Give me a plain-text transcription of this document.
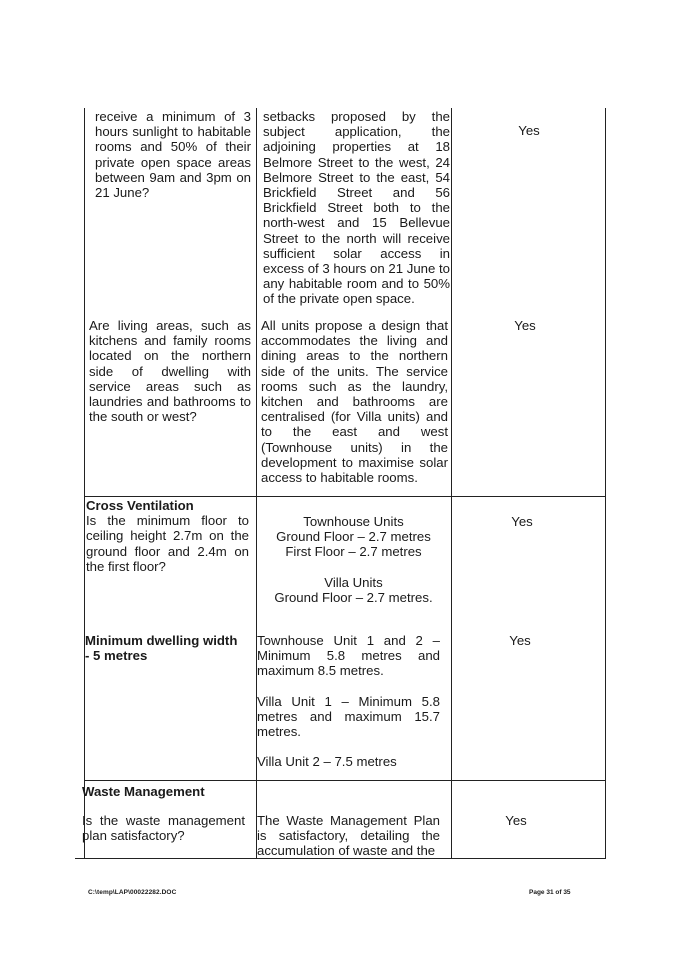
receive a minimum of 3 hours sunlight to habitable rooms and 50% of their private open space areas between 9am and 3pm on 21 June?
setbacks proposed by the subject application, the adjoining properties at 18 Belmore Street to the west, 24 Belmore Street to the east, 54 Brickfield Street and 56 Brickfield Street both to the north-west and 15 Bellevue Street to the north will receive sufficient solar access in excess of 3 hours on 21 June to any habitable room and to 50% of the private open space.
Yes
Are living areas, such as kitchens and family rooms located on the northern side of dwelling with service areas such as laundries and bathrooms to the south or west?
All units propose a design that accommodates the living and dining areas to the northern side of the units. The service rooms such as the laundry, kitchen and bathrooms are centralised (for Villa units) and to the east and west (Townhouse units) in the development to maximise solar access to habitable rooms.
Yes
Cross Ventilation
Is the minimum floor to ceiling height 2.7m on the ground floor and 2.4m on the first floor?
Townhouse Units
Ground Floor – 2.7 metres
First Floor – 2.7 metres
Villa Units
Ground Floor – 2.7 metres.
Yes
Minimum dwelling width - 5 metres

Townhouse Unit 1 and 2 – Minimum 5.8 metres and maximum 8.5 metres.

Villa Unit 1 – Minimum 5.8 metres and maximum 15.7 metres.

Villa Unit 2 – 7.5 metres

Yes
Waste Management
Is the waste management plan satisfactory?
The Waste Management Plan is satisfactory, detailing the accumulation of waste and the
Yes
C:\temp\LAP\00022282.DOC	Page 31 of 35
